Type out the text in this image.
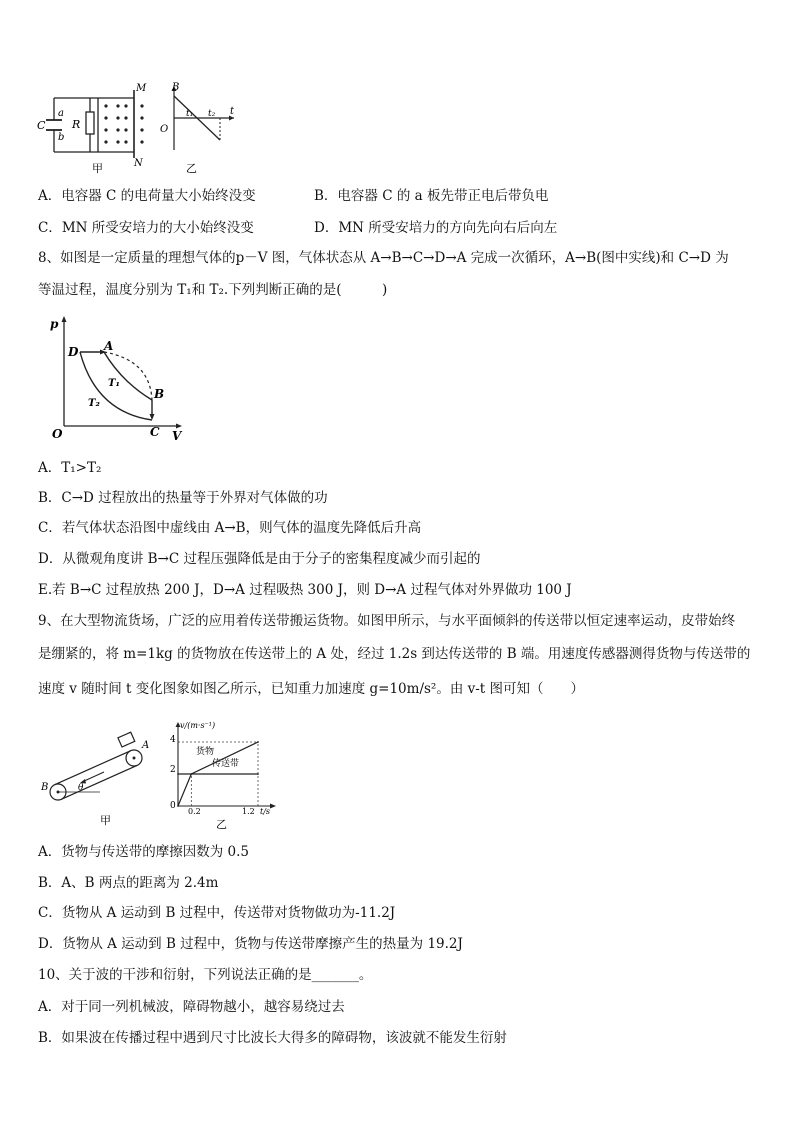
C
a
b
R
M
N
甲
B
O
t₁ t₂ t
乙
A．电容器 C 的电荷量大小始终没变	B．电容器 C 的 a 板先带正电后带负电
C．MN 所受安培力的大小始终没变	D．MN 所受安培力的方向先向右后向左
8、如图是一定质量的理想气体的p－V 图，气体状态从 A→B→C→D→A 完成一次循环，A→B(图中实线)和 C→D 为
等温过程，温度分别为 T₁和 T₂.下列判断正确的是(　　　)
p
V
O
D A
B
C
T₁
T₂
A．T₁>T₂
B．C→D 过程放出的热量等于外界对气体做的功
C．若气体状态沿图中虚线由 A→B，则气体的温度先降低后升高
D．从微观角度讲 B→C 过程压强降低是由于分子的密集程度减少而引起的
E.若 B→C 过程放热 200 J，D→A 过程吸热 300 J，则 D→A 过程气体对外界做功 100 J
9、在大型物流货场，广泛的应用着传送带搬运货物。如图甲所示，与水平面倾斜的传送带以恒定速率运动，皮带始终
是绷紧的，将 m=1kg 的货物放在传送带上的 A 处，经过 1.2s 到达传送带的 B 端。用速度传感器测得货物与传送带的
速度 v 随时间 t 变化图象如图乙所示，已知重力加速度 g=10m/s²。由 v-t 图可知（　　）
θ
A
B
甲
v/(m·s⁻¹)
t/s
4
2
0
0.2	1.2
货物
传送带
乙
A．货物与传送带的摩擦因数为 0.5
B．A、B 两点的距离为 2.4m
C．货物从 A 运动到 B 过程中，传送带对货物做功为-11.2J
D．货物从 A 运动到 B 过程中，货物与传送带摩擦产生的热量为 19.2J
10、关于波的干涉和衍射，下列说法正确的是_______。
A．对于同一列机械波，障碍物越小，越容易绕过去
B．如果波在传播过程中遇到尺寸比波长大得多的障碍物，该波就不能发生衍射
